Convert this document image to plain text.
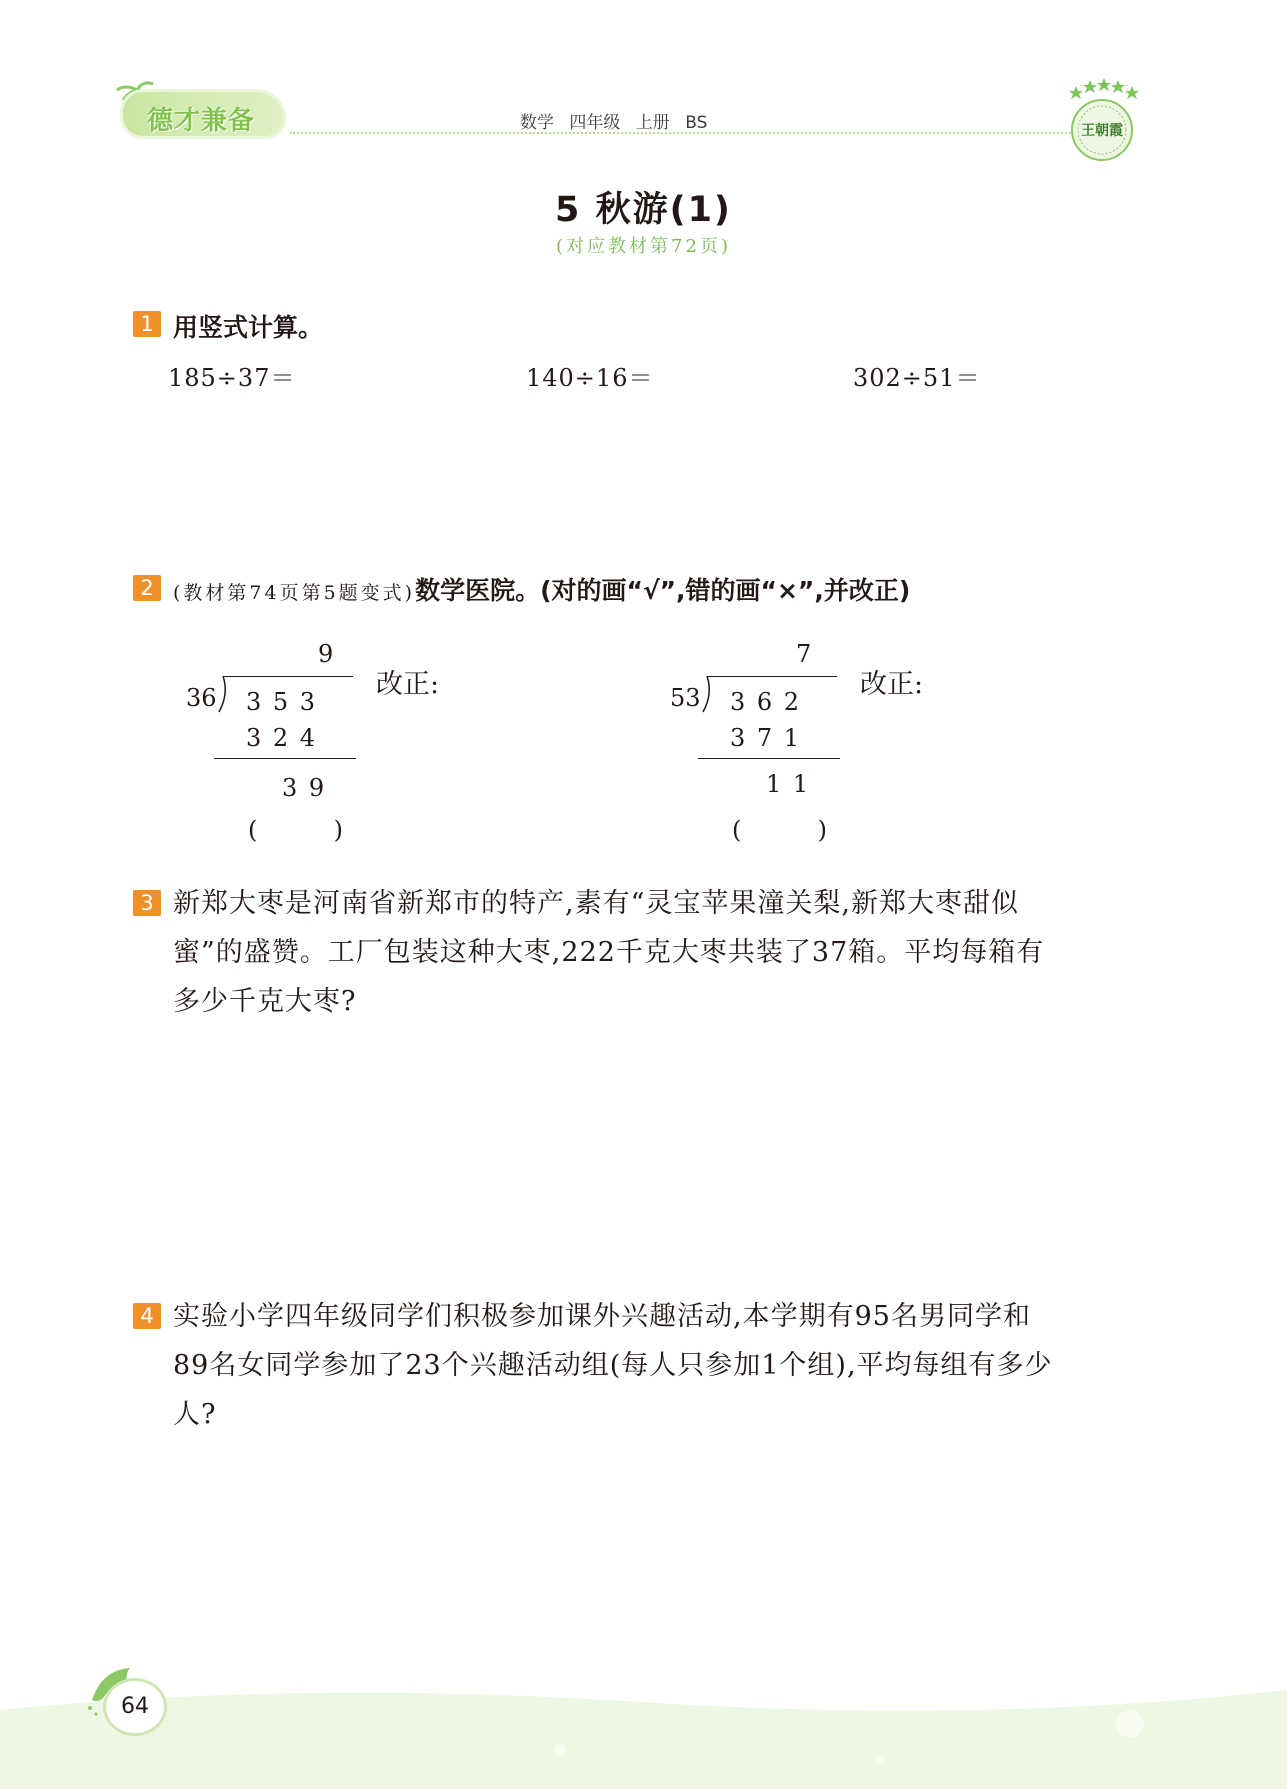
德才兼备	数学 四年级 上册 BS	王朝霞
5 秋游(1)
(对应教材第72页)
1 用竖式计算。
185÷37＝	140÷16＝	302÷51＝
2	(教材第74页第5题变式)数学医院。(对的画“√”,错的画“×”,并改正)
9
36 3 5 3
3 2 4
3 9
(          )
改正:
7
53 3 6 2
3 7 1
1 1
(          )
改正:
3 新郑大枣是河南省新郑市的特产,素有“灵宝苹果潼关梨,新郑大枣甜似
蜜”的盛赞。工厂包装这种大枣,222千克大枣共装了37箱。平均每箱有
多少千克大枣?
4 实验小学四年级同学们积极参加课外兴趣活动,本学期有95名男同学和
89名女同学参加了23个兴趣活动组(每人只参加1个组),平均每组有多少
人?
64
